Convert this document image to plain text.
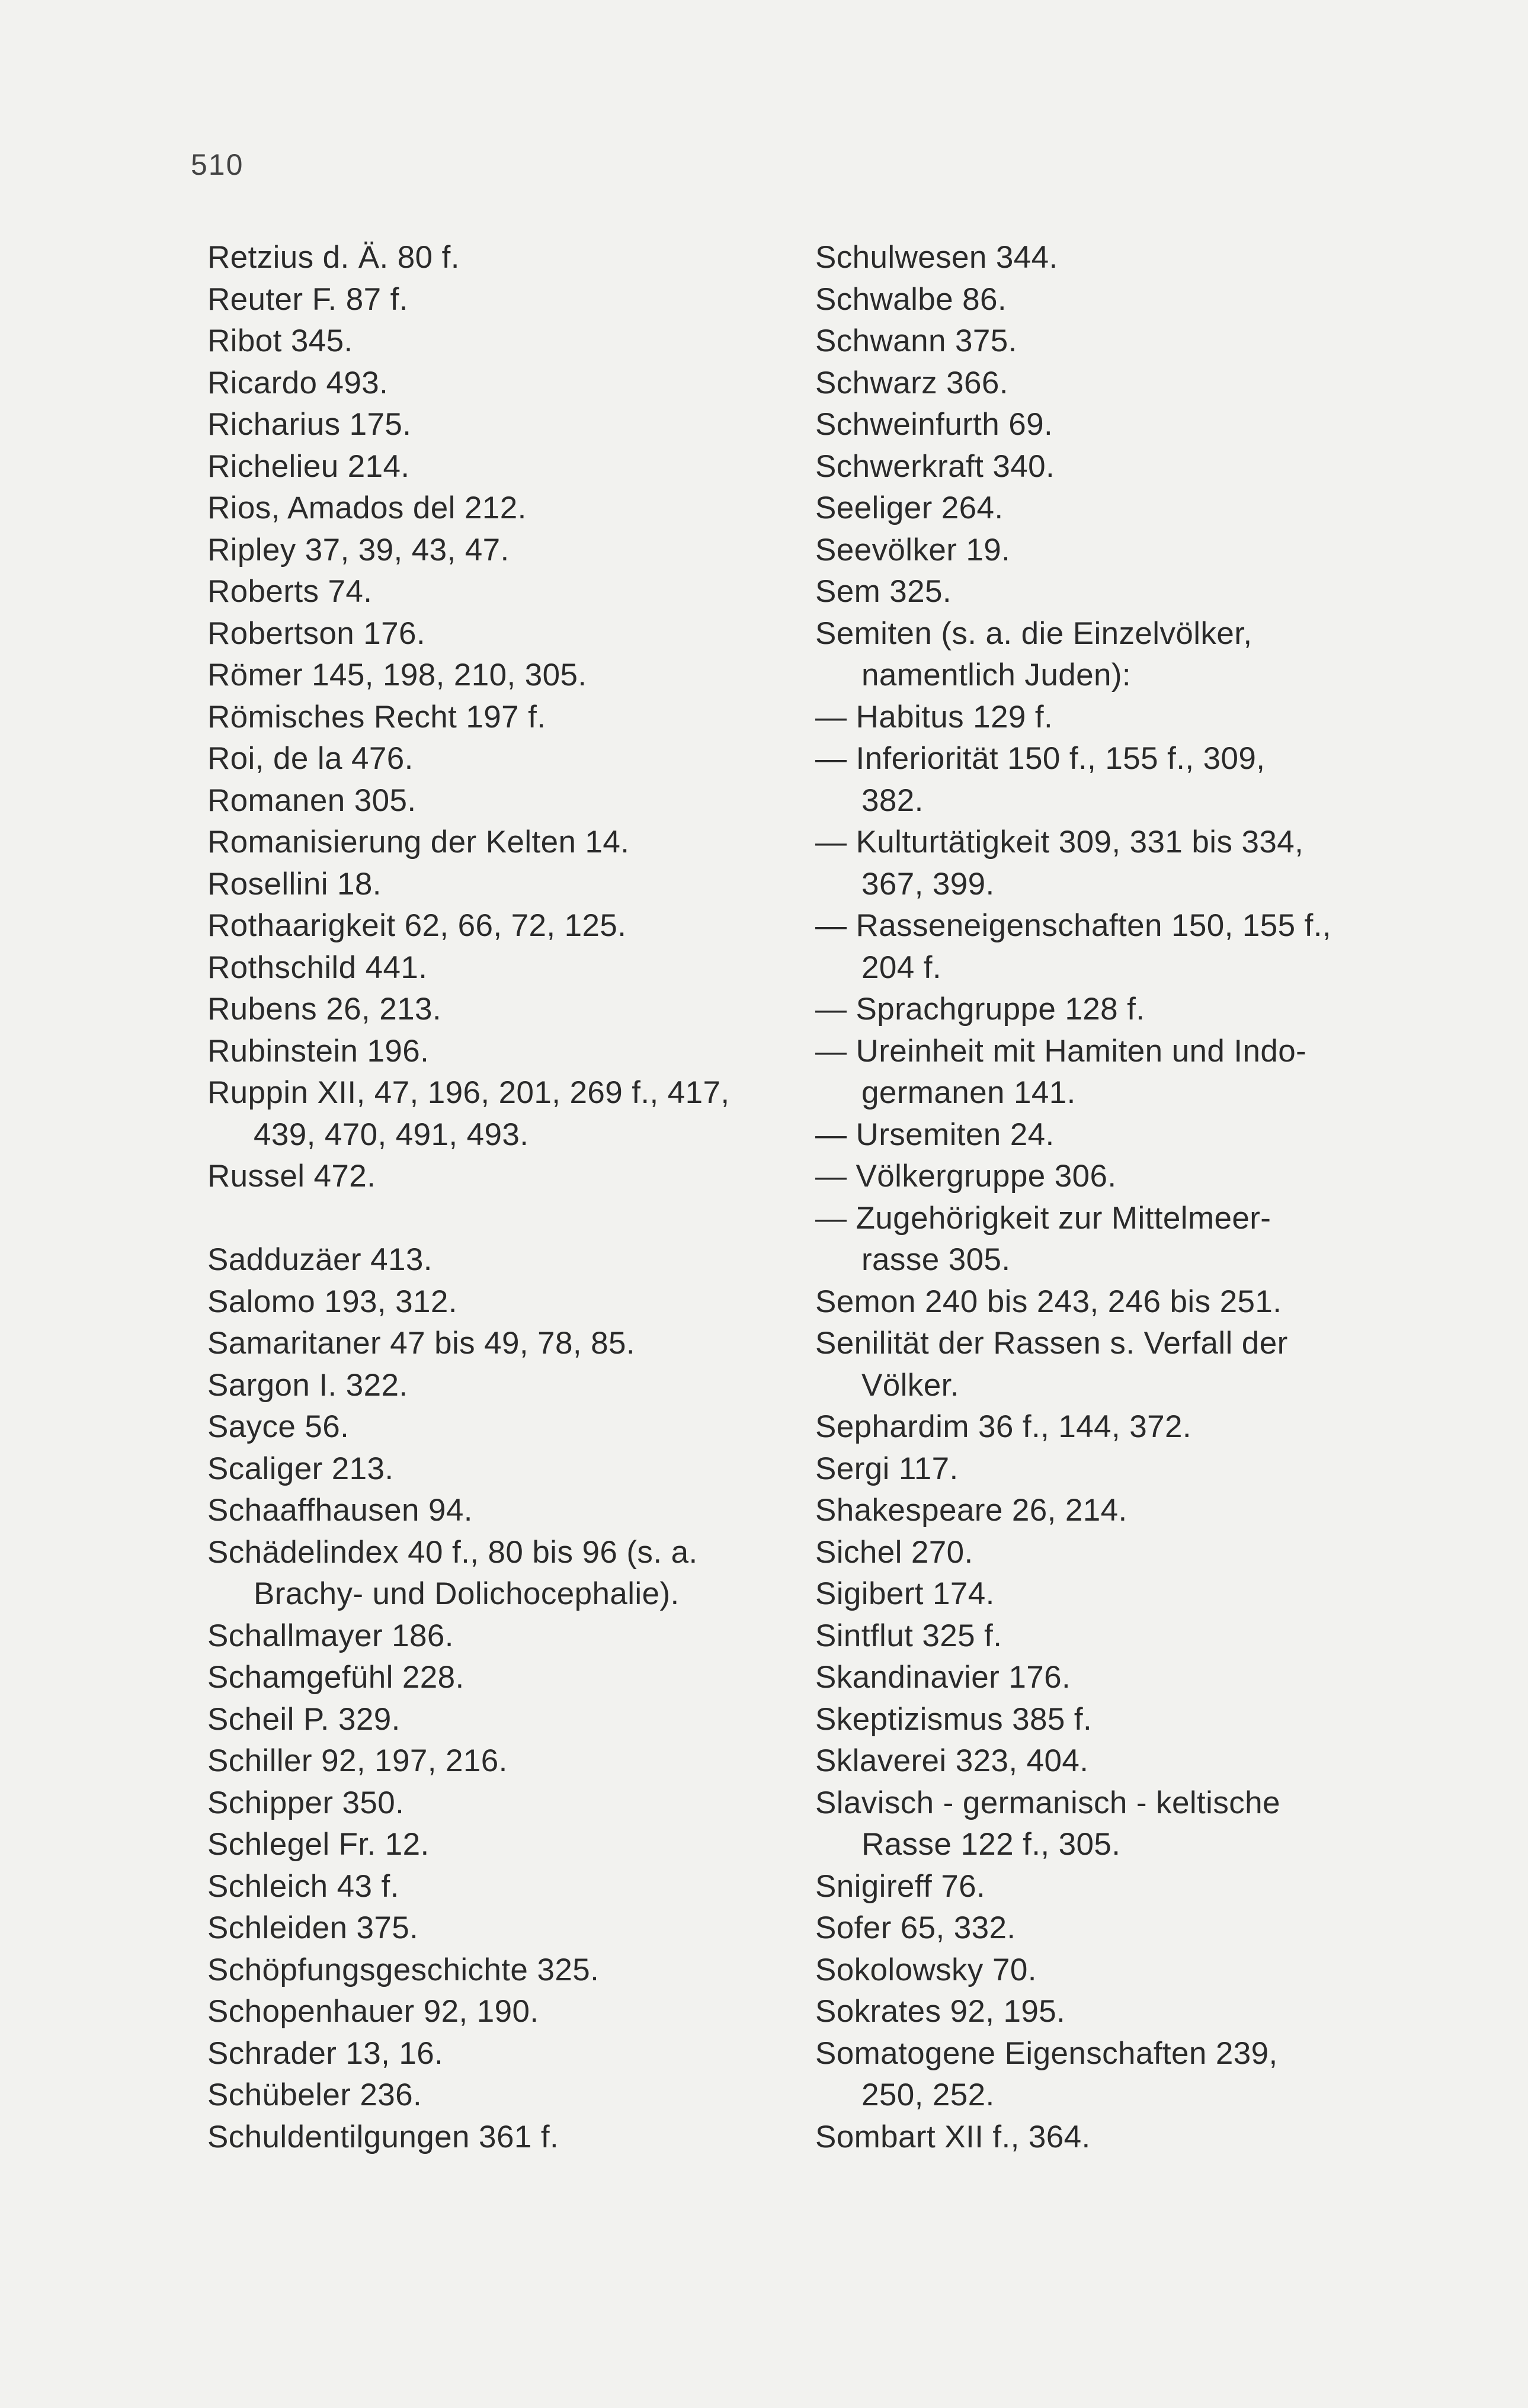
510
Retzius d. Ä. 80 f.
Reuter F. 87 f.
Ribot 345.
Ricardo 493.
Richarius 175.
Richelieu 214.
Rios, Amados del 212.
Ripley 37, 39, 43, 47.
Roberts 74.
Robertson 176.
Römer 145, 198, 210, 305.
Römisches Recht 197 f.
Roi, de la 476.
Romanen 305.
Romanisierung der Kelten 14.
Rosellini 18.
Rothaarigkeit 62, 66, 72, 125.
Rothschild 441.
Rubens 26, 213.
Rubinstein 196.
Ruppin XII, 47, 196, 201, 269 f., 417,
439, 470, 491, 493.
Russel 472.
Sadduzäer 413.
Salomo 193, 312.
Samaritaner 47 bis 49, 78, 85.
Sargon I. 322.
Sayce 56.
Scaliger 213.
Schaaffhausen 94.
Schädelindex 40 f., 80 bis 96 (s. a.
Brachy- und Dolichocephalie).
Schallmayer 186.
Schamgefühl 228.
Scheil P. 329.
Schiller 92, 197, 216.
Schipper 350.
Schlegel Fr. 12.
Schleich 43 f.
Schleiden 375.
Schöpfungsgeschichte 325.
Schopenhauer 92, 190.
Schrader 13, 16.
Schübeler 236.
Schuldentilgungen 361 f.
Schulwesen 344.
Schwalbe 86.
Schwann 375.
Schwarz 366.
Schweinfurth 69.
Schwerkraft 340.
Seeliger 264.
Seevölker 19.
Sem 325.
Semiten (s. a. die Einzelvölker,
namentlich Juden):
— Habitus 129 f.
— Inferiorität 150 f., 155 f., 309,
382.
— Kulturtätigkeit 309, 331 bis 334,
367, 399.
— Rasseneigenschaften 150, 155 f.,
204 f.
— Sprachgruppe 128 f.
— Ureinheit mit Hamiten und Indo-
germanen 141.
— Ursemiten 24.
— Völkergruppe 306.
— Zugehörigkeit zur Mittelmeer-
rasse 305.
Semon 240 bis 243, 246 bis 251.
Senilität der Rassen s. Verfall der
Völker.
Sephardim 36 f., 144, 372.
Sergi 117.
Shakespeare 26, 214.
Sichel 270.
Sigibert 174.
Sintflut 325 f.
Skandinavier 176.
Skeptizismus 385 f.
Sklaverei 323, 404.
Slavisch - germanisch - keltische
Rasse 122 f., 305.
Snigireff 76.
Sofer 65, 332.
Sokolowsky 70.
Sokrates 92, 195.
Somatogene Eigenschaften 239,
250, 252.
Sombart XII f., 364.
